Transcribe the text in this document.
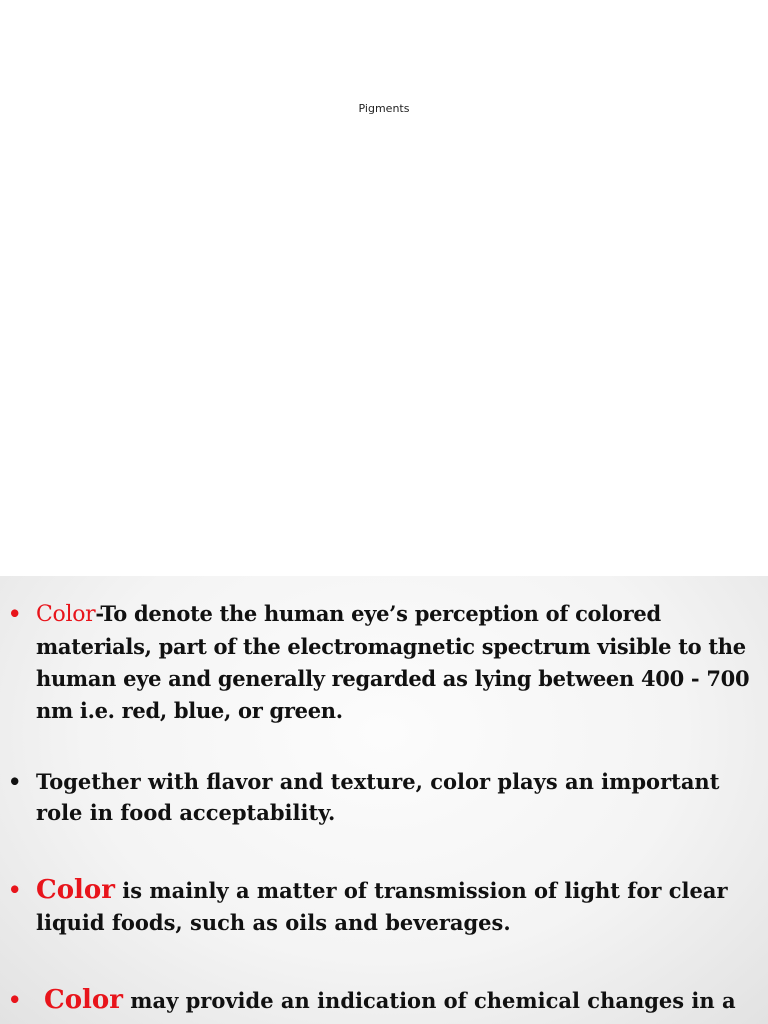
Pigments
• Color-To denote the human eye’s perception of colored materials, part of the electromagnetic spectrum visible to the human eye and generally regarded as lying between 400 - 700 nm i.e. red, blue, or green.
• Together with flavor and texture, color plays an important role in food acceptability.
• Color is mainly a matter of transmission of light for clear liquid foods, such as oils and beverages.
• Color may provide an indication of chemical changes in a
